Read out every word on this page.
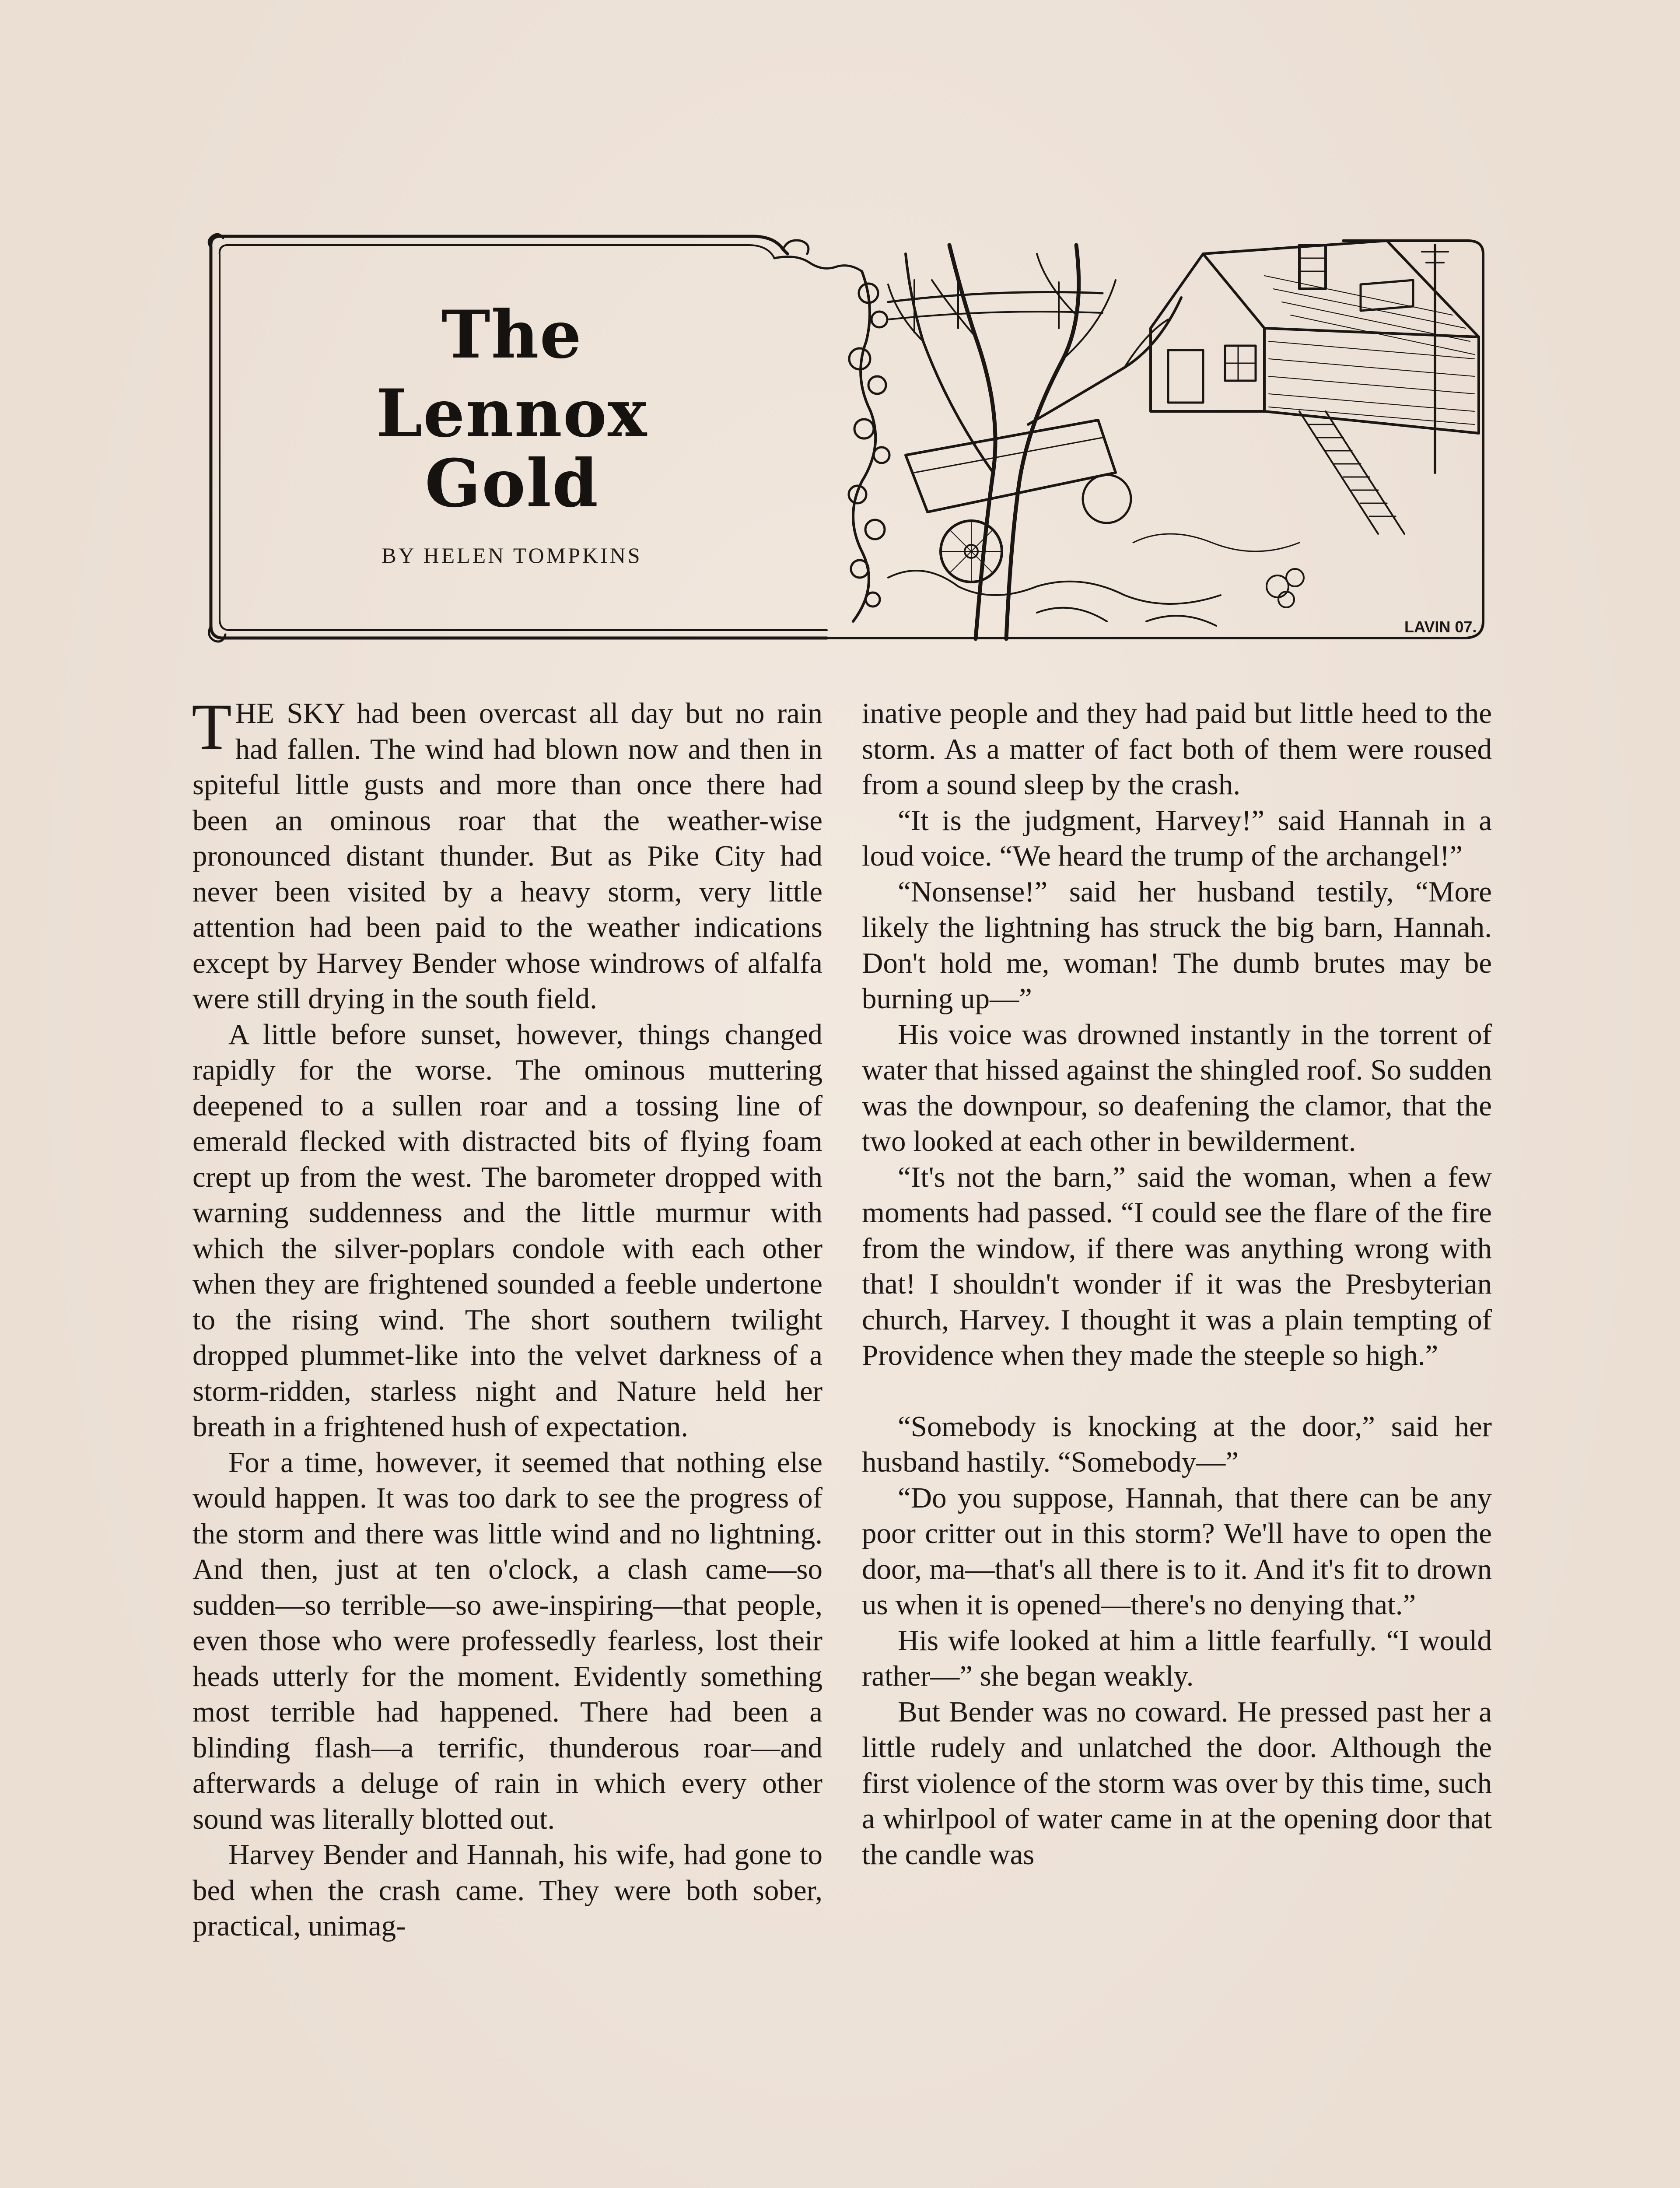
LAVIN 07.
The
Lennox
Gold
BY HELEN TOMPKINS

THE SKY had been overcast all day but no rain had fallen. The wind had blown now and then in spiteful little gusts and more than once there had been an ominous roar that the weather-wise pronounced distant thunder. But as Pike City had never been visited by a heavy storm, very little attention had been paid to the weather indications except by Harvey Bender whose windrows of alfalfa were still drying in the south field.

A little before sunset, however, things changed rapidly for the worse. The ominous muttering deepened to a sullen roar and a tossing line of emerald flecked with distracted bits of flying foam crept up from the west. The barometer dropped with warning suddenness and the little murmur with which the silver-poplars condole with each other when they are frightened sounded a feeble undertone to the rising wind. The short southern twilight dropped plummet-like into the velvet darkness of a storm-ridden, starless night and Nature held her breath in a frightened hush of expectation.

For a time, however, it seemed that nothing else would happen. It was too dark to see the progress of the storm and there was little wind and no lightning. And then, just at ten o'clock, a clash came—so sudden—so terrible—so awe-inspiring—that people, even those who were professedly fearless, lost their heads utterly for the moment. Evidently something most terrible had happened. There had been a blinding flash—a terrific, thunderous roar—and afterwards a deluge of rain in which every other sound was literally blotted out.

Harvey Bender and Hannah, his wife, had gone to bed when the crash came. They were both sober, practical, unimag-

inative people and they had paid but little heed to the storm. As a matter of fact both of them were roused from a sound sleep by the crash.

“It is the judgment, Harvey!” said Hannah in a loud voice. “We heard the trump of the archangel!”

“Nonsense!” said her husband testily, “More likely the lightning has struck the big barn, Hannah. Don't hold me, woman! The dumb brutes may be burning up—”

His voice was drowned instantly in the torrent of water that hissed against the shingled roof. So sudden was the downpour, so deafening the clamor, that the two looked at each other in bewilderment.

“It's not the barn,” said the woman, when a few moments had passed. “I could see the flare of the fire from the window, if there was anything wrong with that! I shouldn't wonder if it was the Presbyterian church, Harvey. I thought it was a plain tempting of Providence when they made the steeple so high.”

“Somebody is knocking at the door,” said her husband hastily. “Somebody—”

“Do you suppose, Hannah, that there can be any poor critter out in this storm? We'll have to open the door, ma—that's all there is to it. And it's fit to drown us when it is opened—there's no denying that.”

His wife looked at him a little fearfully. “I would rather—” she began weakly.

But Bender was no coward. He pressed past her a little rudely and unlatched the door. Although the first violence of the storm was over by this time, such a whirlpool of water came in at the opening door that the candle was
